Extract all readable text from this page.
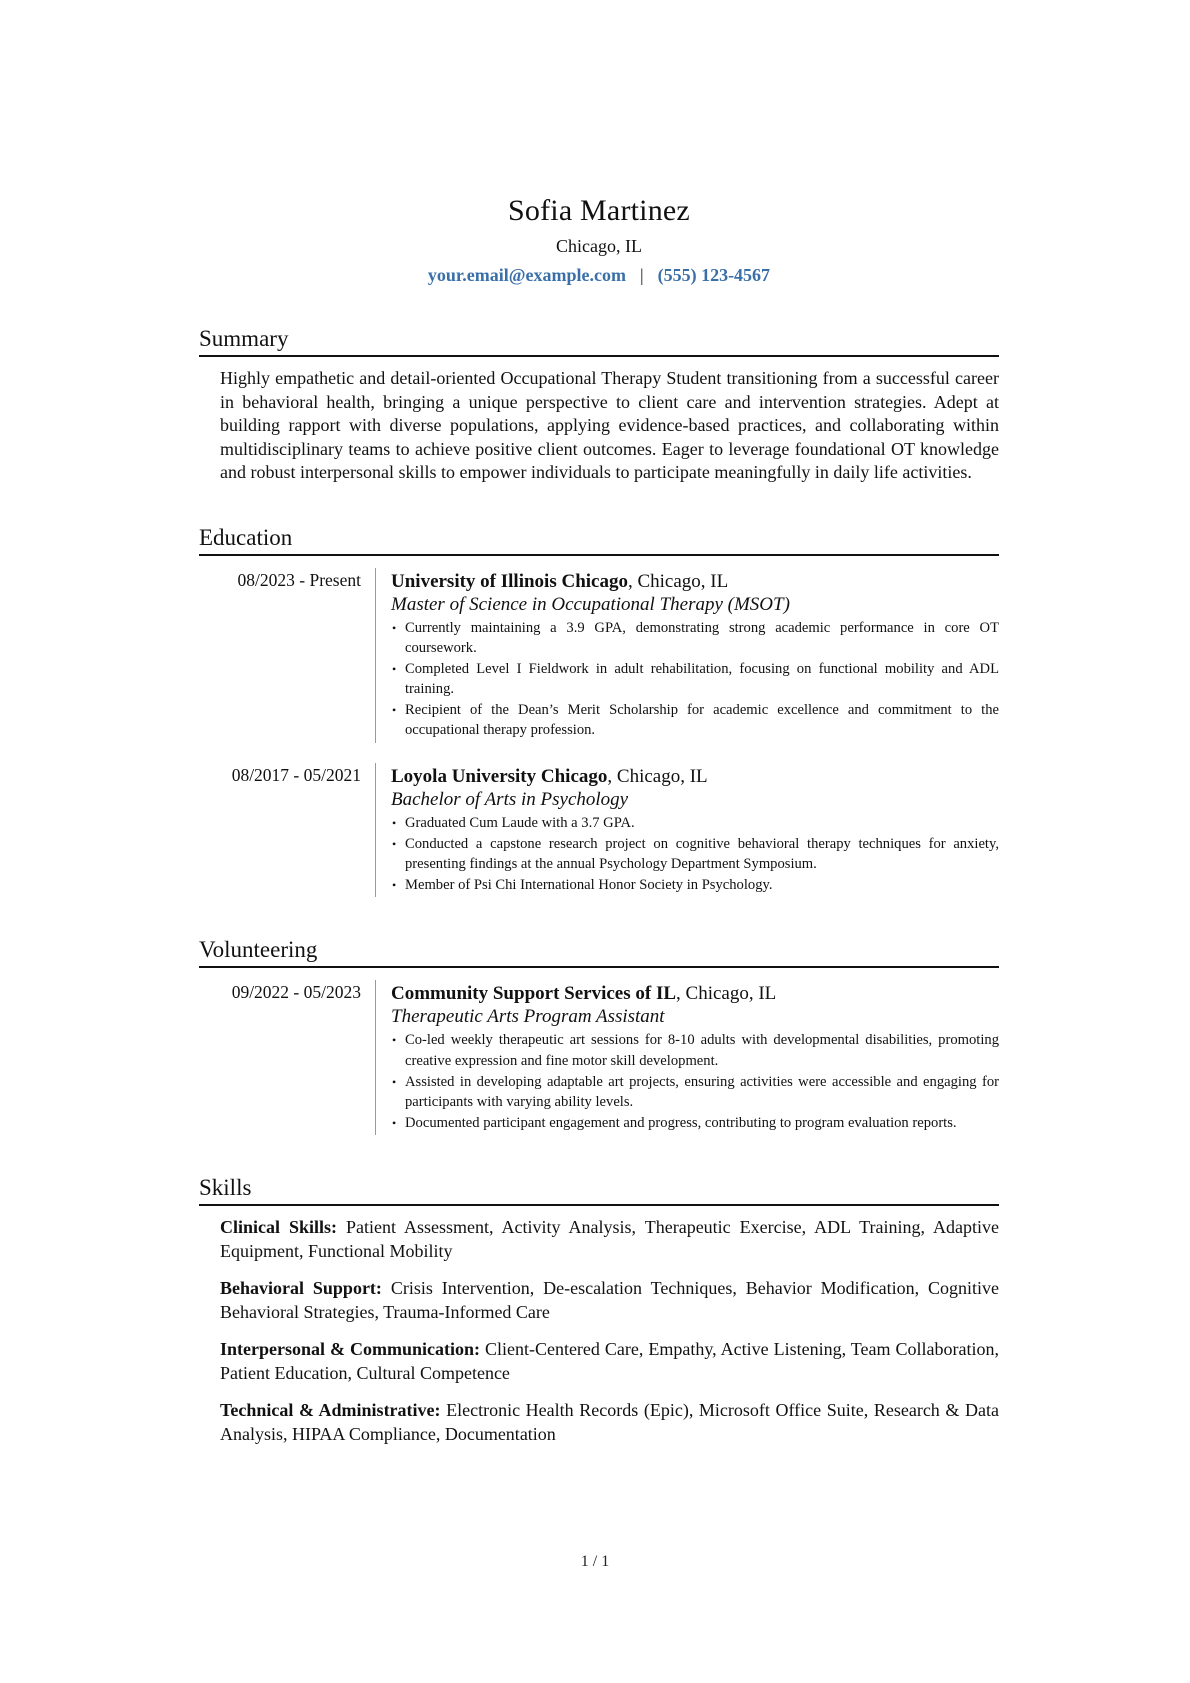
Sofia Martinez
Chicago, IL
your.email@example.com | (555) 123-4567
Summary

Highly empathetic and detail-oriented Occupational Therapy Student transitioning from a successful career in behavioral health, bringing a unique perspective to client care and intervention strategies. Adept at building rapport with diverse populations, applying evidence-based practices, and collaborating within multidisciplinary teams to achieve positive client outcomes. Eager to leverage foundational OT knowledge and robust interpersonal skills to empower individuals to participate meaningfully in daily life activities.

Education
08/2023 - Present	University of Illinois Chicago, Chicago, IL
Master of Science in Occupational Therapy (MSOT)
• Currently maintaining a 3.9 GPA, demonstrating strong academic performance in core OT coursework.
• Completed Level I Fieldwork in adult rehabilitation, focusing on functional mobility and ADL training.
• Recipient of the Dean’s Merit Scholarship for academic excellence and commitment to the occupational therapy profession.
08/2017 - 05/2021	Loyola University Chicago, Chicago, IL
Bachelor of Arts in Psychology
• Graduated Cum Laude with a 3.7 GPA.
• Conducted a capstone research project on cognitive behavioral therapy techniques for anxiety, presenting findings at the annual Psychology Department Symposium.
• Member of Psi Chi International Honor Society in Psychology.
Volunteering
09/2022 - 05/2023	Community Support Services of IL, Chicago, IL
Therapeutic Arts Program Assistant
• Co-led weekly therapeutic art sessions for 8-10 adults with developmental disabilities, promoting creative expression and fine motor skill development.
• Assisted in developing adaptable art projects, ensuring activities were accessible and engaging for participants with varying ability levels.
• Documented participant engagement and progress, contributing to program evaluation reports.
Skills
Clinical Skills: Patient Assessment, Activity Analysis, Therapeutic Exercise, ADL Training, Adaptive Equipment, Functional Mobility
Behavioral Support: Crisis Intervention, De-escalation Techniques, Behavior Modification, Cognitive Behavioral Strategies, Trauma-Informed Care
Interpersonal & Communication: Client-Centered Care, Empathy, Active Listening, Team Collaboration, Patient Education, Cultural Competence
Technical & Administrative: Electronic Health Records (Epic), Microsoft Office Suite, Research & Data Analysis, HIPAA Compliance, Documentation
1 / 1
